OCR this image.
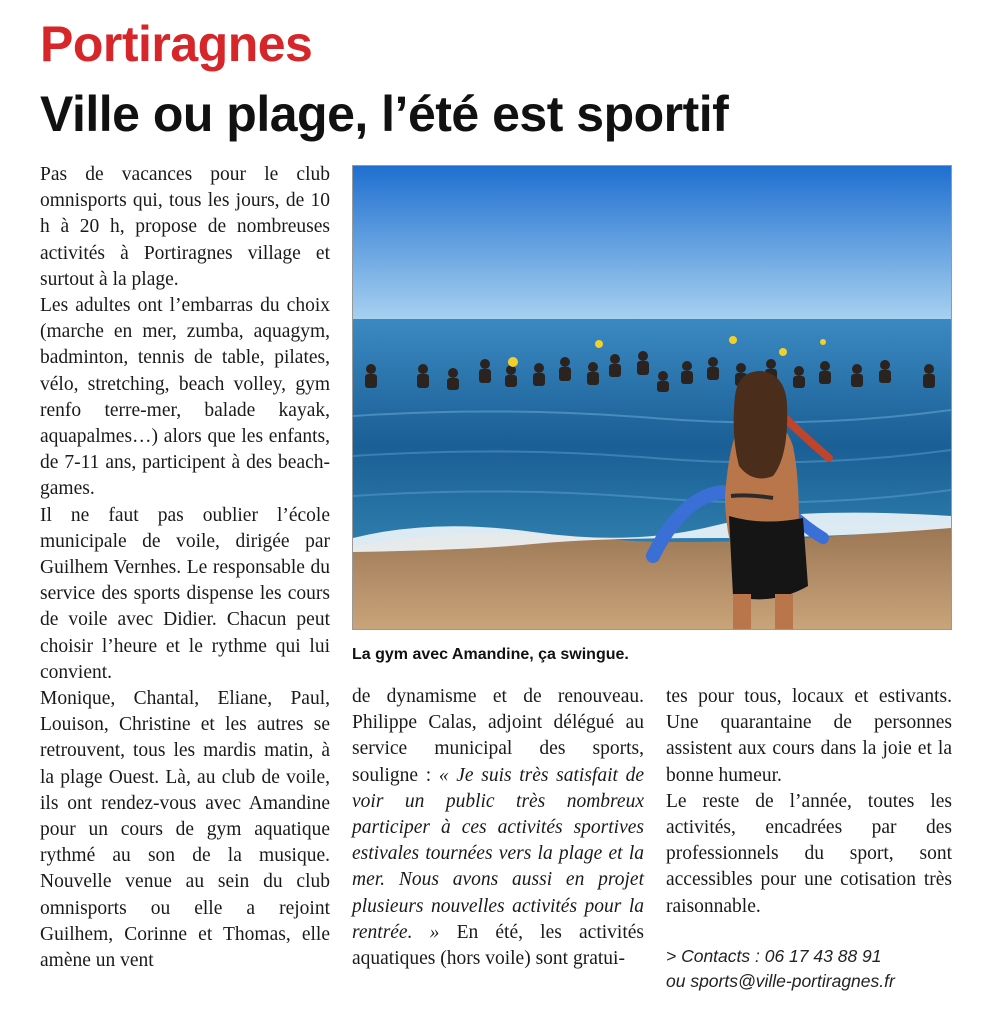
Portiragnes
Ville ou plage, l’été est sportif

Pas de vacances pour le club omnisports qui, tous les jours, de 10 h à 20 h, propose de nombreuses activités à Portiragnes village et surtout à la plage.

Les adultes ont l’embarras du choix (marche en mer, zumba, aquagym, badminton, tennis de table, pilates, vélo, stretching, beach volley, gym renfo terre-mer, balade kayak, aquapalmes…) alors que les enfants, de 7-11 ans, participent à des beach-games.

Il ne faut pas oublier l’école municipale de voile, dirigée par Guilhem Vernhes. Le responsable du service des sports dispense les cours de voile avec Didier. Chacun peut choisir l’heure et le rythme qui lui convient.

Monique, Chantal, Eliane, Paul, Louison, Christine et les autres se retrouvent, tous les mardis matin, à la plage Ouest. Là, au club de voile, ils ont rendez-vous avec Amandine pour un cours de gym aquatique rythmé au son de la musique. Nouvelle venue au sein du club omnisports ou elle a rejoint Guilhem, Corinne et Thomas, elle amène un vent

La gym avec Amandine, ça swingue.

de dynamisme et de renouveau. Philippe Calas, adjoint délégué au service municipal des sports, souligne : « Je suis très satisfait de voir un public très nombreux participer à ces activités sportives estivales tournées vers la plage et la mer. Nous avons aussi en projet plusieurs nouvelles activités pour la rentrée. » En été, les activités aquatiques (hors voile) sont gratui-

tes pour tous, locaux et estivants. Une quarantaine de personnes assistent aux cours dans la joie et la bonne humeur.

Le reste de l’année, toutes les activités, encadrées par des professionnels du sport, sont accessibles pour une cotisation très raisonnable.

> Contacts : 06 17 43 88 91
ou sports@ville-portiragnes.fr
